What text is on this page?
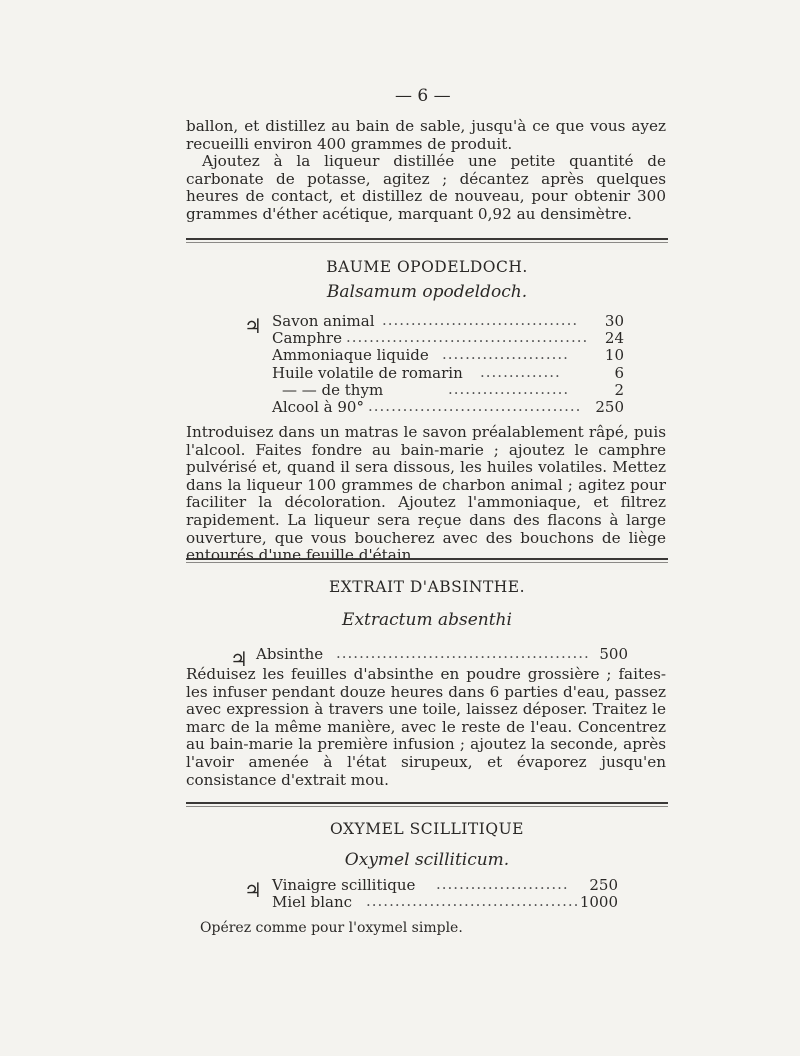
— 6 —
ballon, et distillez au bain de sable, jusqu'à ce que vous ayez recueilli environ 400 grammes de produit.
Ajoutez à la liqueur distillée une petite quantité de carbonate de potasse, agitez ; décantez après quelques heures de contact, et distillez de nouveau, pour obtenir 300 grammes d'éther acétique, marquant 0,92 au densimètre.
BAUME OPODELDOCH.
Balsamum opodeldoch.
♃ Savon animal ..................................	30
Camphre ..........................................	24
Ammoniaque liquide ......................	10
Huile volatile de romarin ..............	6
— — de thym	.....................	2
Alcool à 90° ..................................... 250
Introduisez dans un matras le savon préalablement râpé, puis l'alcool. Faites fondre au bain-marie ; ajoutez le camphre pulvérisé et, quand il sera dissous, les huiles volatiles. Mettez dans la liqueur 100 grammes de charbon animal ; agitez pour faciliter la décoloration. Ajoutez l'ammoniaque, et filtrez rapidement. La liqueur sera reçue dans des flacons à large ouverture, que vous boucherez avec des bouchons de liège entourés d'une feuille d'étain.
EXTRAIT D'ABSINTHE.
Extractum absenthi
♃ Absinthe ............................................ 500
Réduisez les feuilles d'absinthe en poudre grossière ; faites-les infuser pendant douze heures dans 6 parties d'eau, passez avec expression à travers une toile, laissez déposer. Traitez le marc de la même manière, avec le reste de l'eau. Concentrez au bain-marie la première infusion ; ajoutez la seconde, après l'avoir amenée à l'état sirupeux, et évaporez jusqu'en consistance d'extrait mou.
OXYMEL SCILLITIQUE
Oxymel scilliticum.
♃ Vinaigre scillitique .......................	250
Miel blanc ..................................... 1000
Opérez comme pour l'oxymel simple.
